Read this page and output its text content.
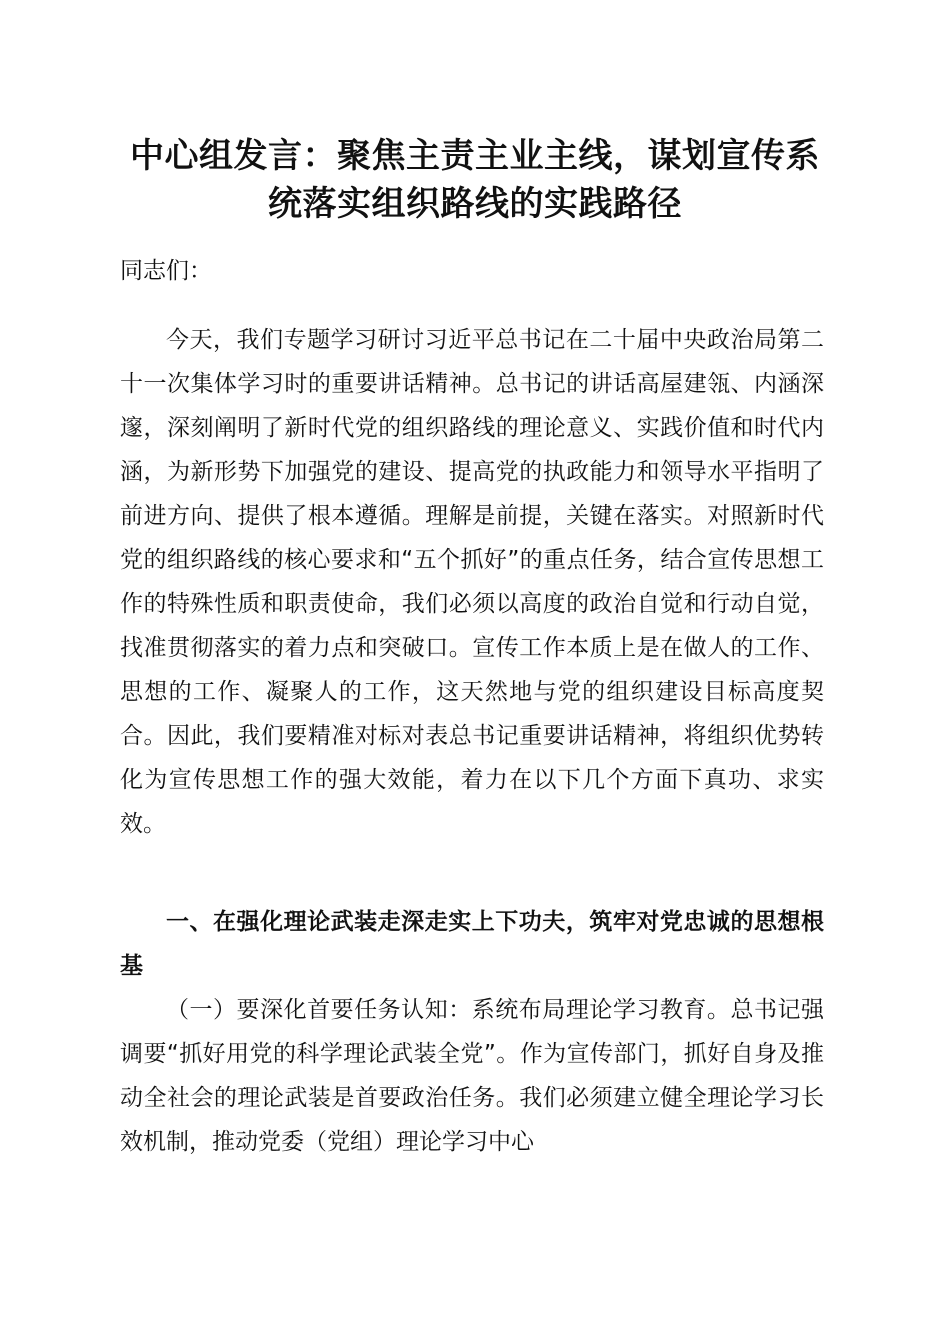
中心组发言：聚焦主责主业主线，谋划宣传系
统落实组织路线的实践路径

同志们：

今天，我们专题学习研讨习近平总书记在二十届中央政治局第二十一次集体学习时的重要讲话精神。总书记的讲话高屋建瓴、内涵深邃，深刻阐明了新时代党的组织路线的理论意义、实践价值和时代内涵，为新形势下加强党的建设、提高党的执政能力和领导水平指明了前进方向、提供了根本遵循。理解是前提，关键在落实。对照新时代党的组织路线的核心要求和“五个抓好”的重点任务，结合宣传思想工作的特殊性质和职责使命，我们必须以高度的政治自觉和行动自觉，找准贯彻落实的着力点和突破口。宣传工作本质上是在做人的工作、思想的工作、凝聚人的工作，这天然地与党的组织建设目标高度契合。因此，我们要精准对标对表总书记重要讲话精神，将组织优势转化为宣传思想工作的强大效能，着力在以下几个方面下真功、求实效。

一、在强化理论武装走深走实上下功夫，筑牢对党忠诚的思想根基

（一）要深化首要任务认知：系统布局理论学习教育。总书记强调要“抓好用党的科学理论武装全党”。作为宣传部门，抓好自身及推动全社会的理论武装是首要政治任务。我们必须建立健全理论学习长效机制，推动党委（党组）理论学习中心
